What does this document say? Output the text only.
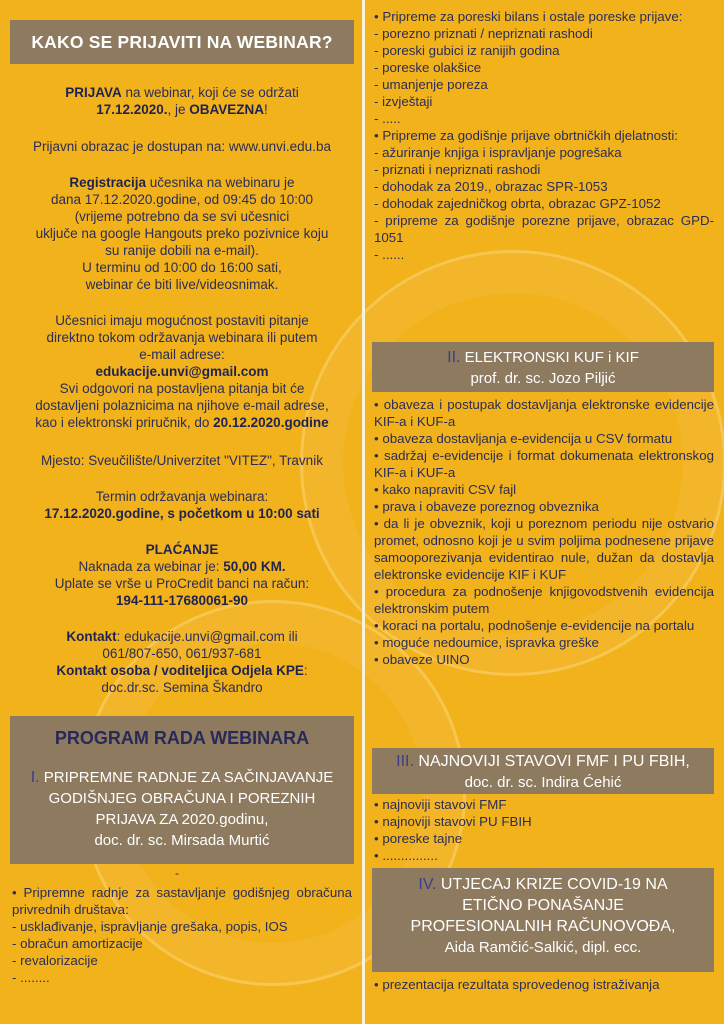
KAKO SE PRIJAVITI NA WEBINAR?
PRIJAVA na webinar, koji će se održati
17.12.2020., je OBAVEZNA!
Prijavni obrazac je dostupan na: www.unvi.edu.ba
Registracija učesnika na webinaru je
dana 17.12.2020.godine, od 09:45 do 10:00
(vrijeme potrebno da se svi učesnici
uključe na google Hangouts preko pozivnice koju
su ranije dobili na e-mail).
U terminu od 10:00 do 16:00 sati,
webinar će biti live/videosnimak.
Učesnici imaju mogućnost postaviti pitanje
direktno tokom održavanja webinara ili putem
e-mail adrese:
edukacije.unvi@gmail.com
Svi odgovori na postavljena pitanja bit će
dostavljeni polaznicima na njihove e-mail adrese,
kao i elektronski priručnik, do 20.12.2020.godine
Mjesto: Sveučilište/Univerzitet "VITEZ", Travnik
Termin održavanja webinara:
17.12.2020.godine, s početkom u 10:00 sati
PLAĆANJE
Naknada za webinar je: 50,00 KM.
Uplate se vrše u ProCredit banci na račun:
194-111-17680061-90
Kontakt: edukacije.unvi@gmail.com ili
061/807-650, 061/937-681
Kontakt osoba / voditeljica Odjela KPE:
doc.dr.sc. Semina Škandro
PROGRAM RADA WEBINARA
I. PRIPREMNE RADNJE ZA SAČINJAVANJE
GODIŠNJEG OBRAČUNA I POREZNIH
PRIJAVA ZA 2020.godinu,
doc. dr. sc. Mirsada Murtić
-
• Pripremne radnje za sastavljanje godišnjeg obračuna privrednih društava:
- usklađivanje, ispravljanje grešaka, popis, IOS
- obračun amortizacije
- revalorizacije
- ........
• Pripreme za poreski bilans i ostale poreske prijave:
- porezno priznati / nepriznati rashodi
- poreski gubici iz ranijih godina
- poreske olakšice
- umanjenje poreza
- izvještaji
- .....
• Pripreme za godišnje prijave obrtničkih djelatnosti:
- ažuriranje knjiga i ispravljanje pogrešaka
- priznati i nepriznati rashodi
- dohodak za 2019., obrazac SPR-1053
- dohodak zajedničkog obrta, obrazac GPZ-1052
- pripreme za godišnje porezne prijave, obrazac GPD- 1051
- ......
II. ELEKTRONSKI KUF i KIF
prof. dr. sc. Jozo Piljić
• obaveza i postupak dostavljanja elektronske evidencije KIF-a i KUF-a
• obaveza dostavljanja e-evidencija u CSV formatu
• sadržaj e-evidencije i format dokumenata elektronskog KIF-a i KUF-a
• kako napraviti CSV fajl
• prava i obaveze poreznog obveznika
• da li je obveznik, koji u poreznom periodu nije ostvario promet, odnosno koji je u svim poljima podnesene prijave samooporezivanja evidentirao nule, dužan da dostavlja elektronske evidencije KIF i KUF
• procedura za podnošenje knjigovodstvenih evidencija elektronskim putem
• koraci na portalu, podnošenje e-evidencije na portalu
• moguće nedoumice, ispravka greške
• obaveze UINO
III. NAJNOVIJI STAVOVI FMF I PU FBIH,
doc. dr. sc. Indira Ćehić
• najnoviji stavovi FMF
• najnoviji stavovi PU FBIH
• poreske tajne
• ...............
IV. UTJECAJ KRIZE COVID-19 NA
ETIČNO PONAŠANJE
PROFESIONALNIH RAČUNOVOĐA,
Aida Ramčić-Salkić, dipl. ecc.
• prezentacija rezultata sprovedenog istraživanja
